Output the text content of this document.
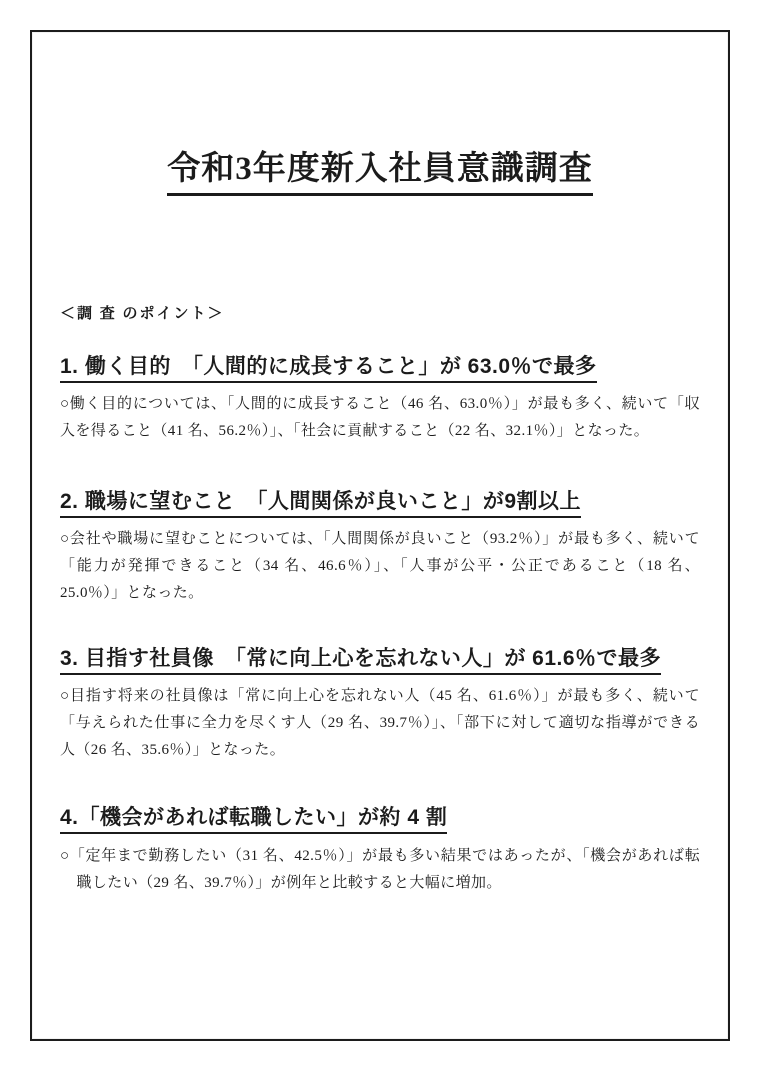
令和3年度新入社員意識調査
＜調 査 のポイント＞
1. 働く目的　「人間的に成長すること」が 63.0％で最多

○働く目的については、「人間的に成長すること（46 名、63.0％）」が最も多く、続いて「収入を得ること（41 名、56.2％）」、「社会に貢献すること（22 名、32.1％）」となった。

2. 職場に望むこと　「人間関係が良いこと」が9割以上

○会社や職場に望むことについては、「人間関係が良いこと（93.2％）」が最も多く、続いて「能力が発揮できること（34 名、46.6％）」、「人事が公平・公正であること（18 名、25.0％）」となった。

3. 目指す社員像　「常に向上心を忘れない人」が 61.6％で最多

○目指す将来の社員像は「常に向上心を忘れない人（45 名、61.6％）」が最も多く、続いて「与えられた仕事に全力を尽くす人（29 名、39.7％）」、「部下に対して適切な指導ができる人（26 名、35.6％）」となった。

4.「機会があれば転職したい」が約 4 割

○「定年まで勤務したい（31 名、42.5％）」が最も多い結果ではあったが、「機会があれば転職したい（29 名、39.7％）」が例年と比較すると大幅に増加。
